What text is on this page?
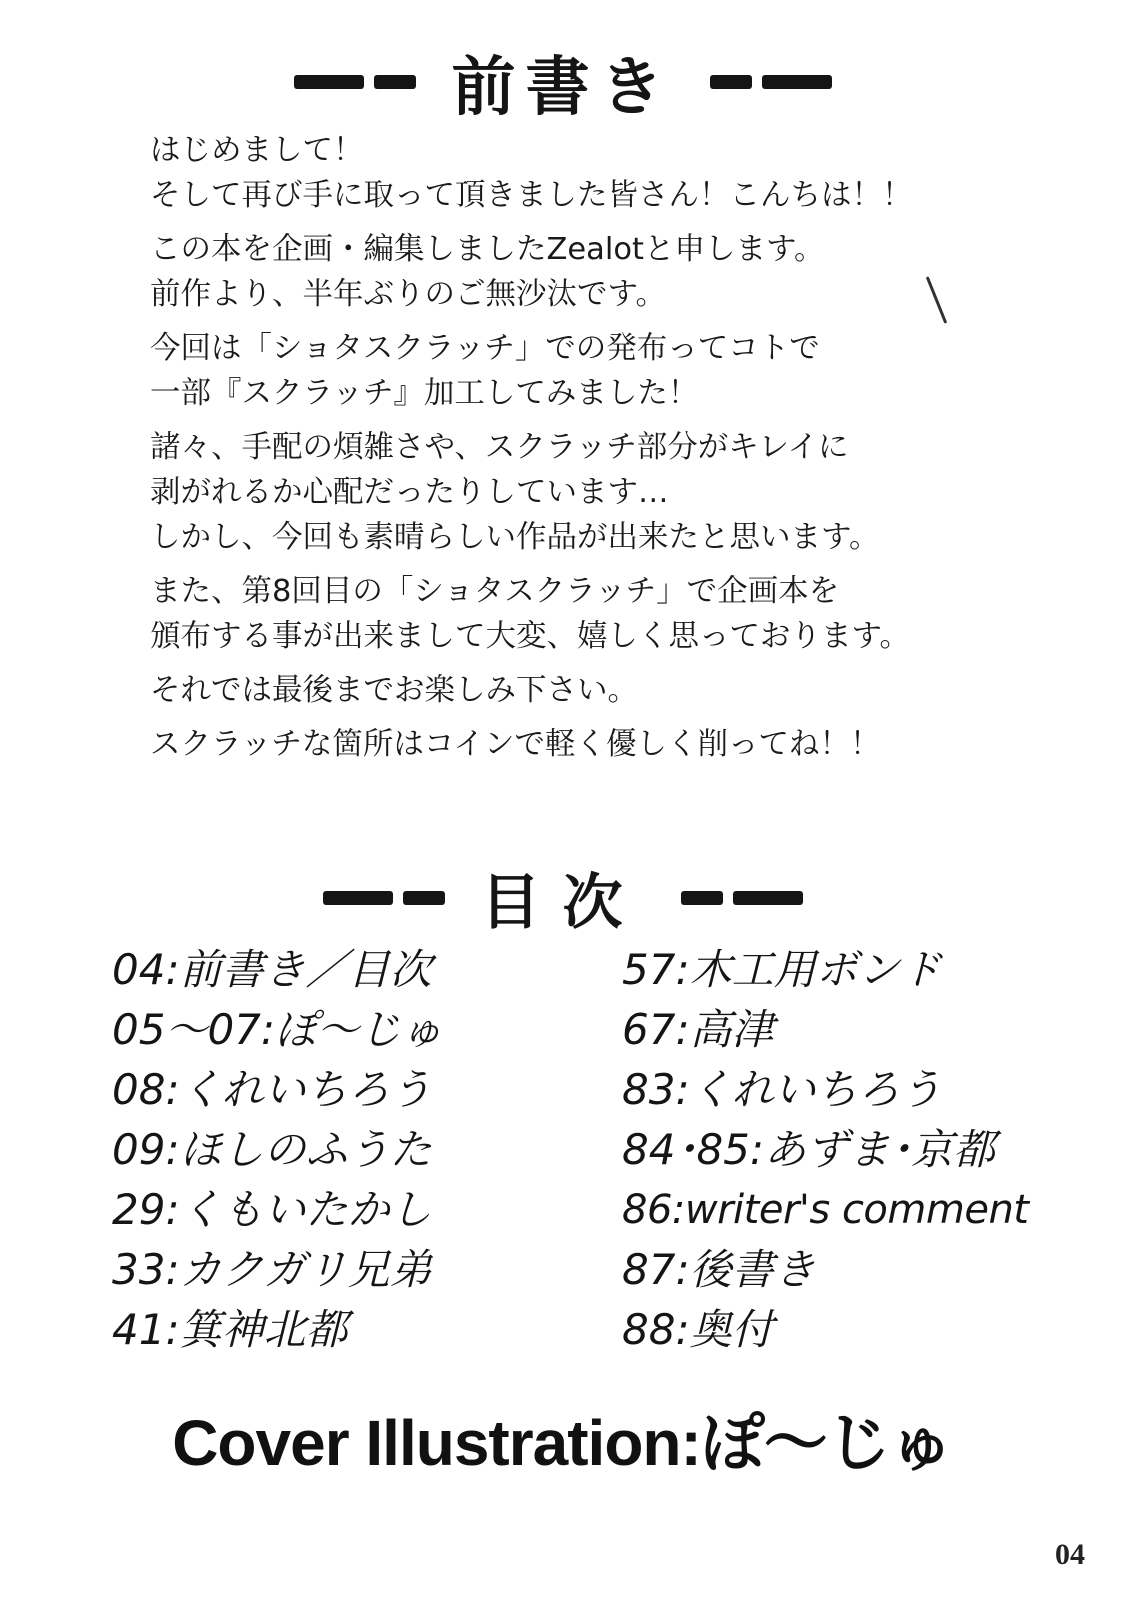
前書き
はじめまして！
そして再び手に取って頂きました皆さん！こんちは！！
この本を企画・編集しましたZealotと申します。
前作より、半年ぶりのご無沙汰です。
今回は「ショタスクラッチ」での発布ってコトで
一部『スクラッチ』加工してみました！
諸々、手配の煩雑さや、スクラッチ部分がキレイに
剥がれるか心配だったりしています…
しかし、今回も素晴らしい作品が出来たと思います。
また、第8回目の「ショタスクラッチ」で企画本を
頒布する事が出来まして大変、嬉しく思っております。
それでは最後までお楽しみ下さい。
スクラッチな箇所はコインで軽く優しく削ってね！！
目次
04:前書き／目次
05〜07:ぽ〜じゅ
08:くれいちろう
09:ほしのふうた
29:くもいたかし
33:カクガリ兄弟
41:箕神北都
57:木工用ボンド
67:高津
83:くれいちろう
84･85:あずま･京都
86:writer's comment
87:後書き
88:奥付
Cover Illustration:ぽ〜じゅ
04
